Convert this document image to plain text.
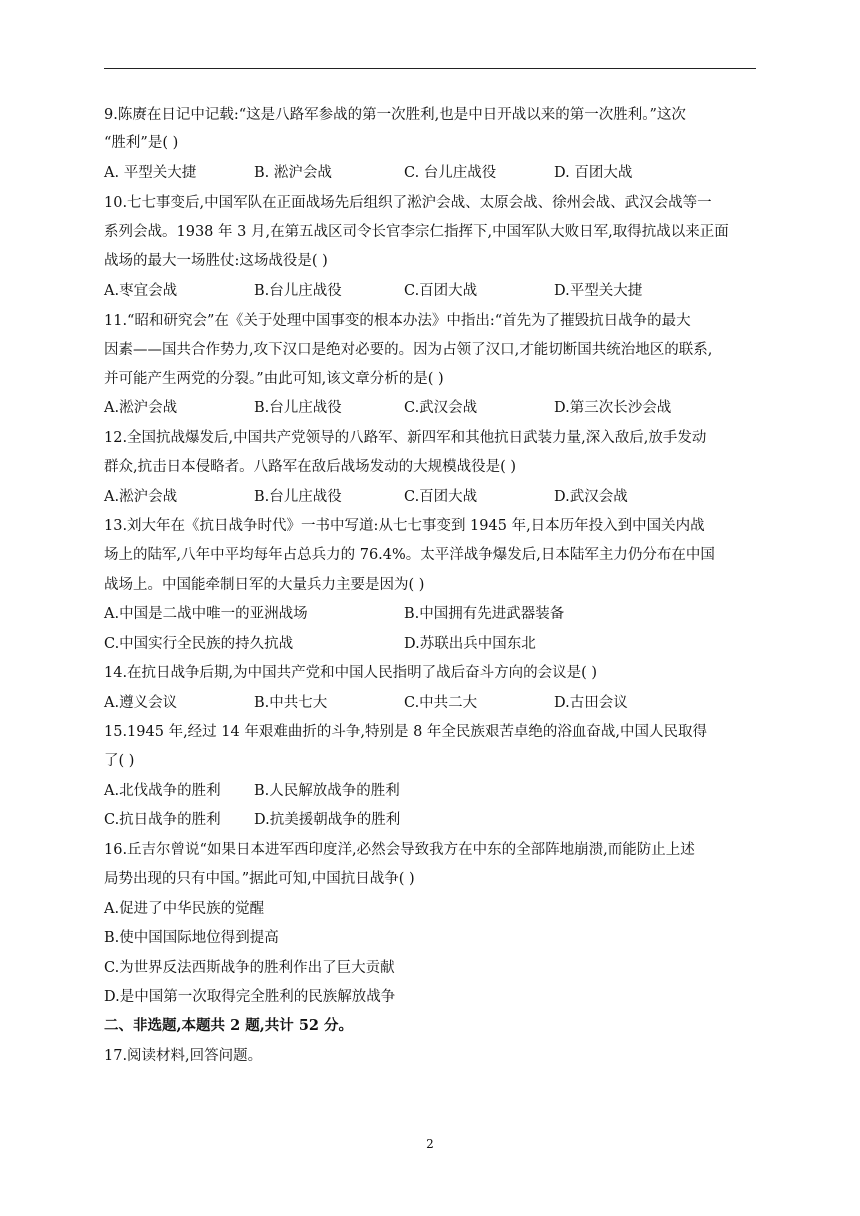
9.陈赓在日记中记载:“这是八路军参战的第一次胜利,也是中日开战以来的第一次胜利。”这次
“胜利”是( )
A. 平型关大捷	B. 淞沪会战	C. 台儿庄战役	D. 百团大战
10.七七事变后,中国军队在正面战场先后组织了淞沪会战、太原会战、徐州会战、武汉会战等一
系列会战。1938 年 3 月,在第五战区司令长官李宗仁指挥下,中国军队大败日军,取得抗战以来正面
战场的最大一场胜仗:这场战役是( )
A.枣宜会战	B.台儿庄战役	C.百团大战	D.平型关大捷
11.“昭和研究会”在《关于处理中国事变的根本办法》中指出:“首先为了摧毁抗日战争的最大
因素——国共合作势力,攻下汉口是绝对必要的。因为占领了汉口,才能切断国共统治地区的联系,
并可能产生两党的分裂。”由此可知,该文章分析的是( )
A.淞沪会战	B.台儿庄战役	C.武汉会战	D.第三次长沙会战
12.全国抗战爆发后,中国共产党领导的八路军、新四军和其他抗日武装力量,深入敌后,放手发动
群众,抗击日本侵略者。八路军在敌后战场发动的大规模战役是( )
A.淞沪会战	B.台儿庄战役	C.百团大战	D.武汉会战
13.刘大年在《抗日战争时代》一书中写道:从七七事变到 1945 年,日本历年投入到中国关内战
场上的陆军,八年中平均每年占总兵力的 76.4%。太平洋战争爆发后,日本陆军主力仍分布在中国
战场上。中国能牵制日军的大量兵力主要是因为( )
A.中国是二战中唯一的亚洲战场	B.中国拥有先进武器装备
C.中国实行全民族的持久抗战	D.苏联出兵中国东北
14.在抗日战争后期,为中国共产党和中国人民指明了战后奋斗方向的会议是( )
A.遵义会议	B.中共七大	C.中共二大	D.古田会议
15.1945 年,经过 14 年艰难曲折的斗争,特别是 8 年全民族艰苦卓绝的浴血奋战,中国人民取得
了( )
A.北伐战争的胜利 B.人民解放战争的胜利
C.抗日战争的胜利 D.抗美援朝战争的胜利
16.丘吉尔曾说“如果日本进军西印度洋,必然会导致我方在中东的全部阵地崩溃,而能防止上述
局势出现的只有中国。”据此可知,中国抗日战争( )
A.促进了中华民族的觉醒
B.使中国国际地位得到提高
C.为世界反法西斯战争的胜利作出了巨大贡献
D.是中国第一次取得完全胜利的民族解放战争
二、非选题,本题共 2 题,共计 52 分。
17.阅读材料,回答问题。
2
